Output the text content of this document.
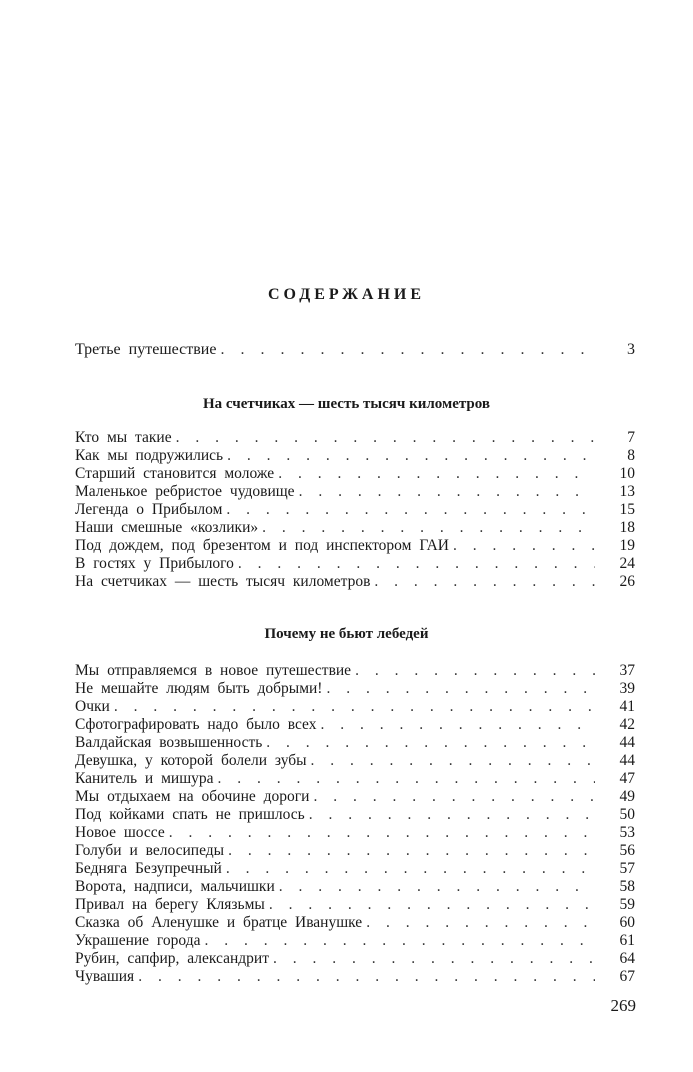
СОДЕРЖАНИЕ
Третье путешествие . . .	3
На счетчиках — шесть тысяч километров
Кто мы такие . . .	7
Как мы подружились . . .	8
Старший становится моложе . . .	10
Маленькое ребристое чудовище . . .	13
Легенда о Прибылом . . .	15
Наши смешные «козлики» . . .	18
Под дождем, под брезентом и под инспектором ГАИ . . .	19
В гостях у Прибылого . . .	24
На счетчиках — шесть тысяч километров . . .	26
Почему не бьют лебедей
Мы отправляемся в новое путешествие . . .	37
Не мешайте людям быть добрыми! . . .	39
Очки . . .	41
Сфотографировать надо было всех . . .	42
Валдайская возвышенность . . .	44
Девушка, у которой болели зубы . . .	44
Канитель и мишура . . .	47
Мы отдыхаем на обочине дороги . . .	49
Под койками спать не пришлось . . .	50
Новое шоссе . . .	53
Голуби и велосипеды . . .	56
Бедняга Безупречный . . .	57
Ворота, надписи, мальчишки . . .	58
Привал на берегу Клязьмы . . .	59
Сказка об Аленушке и братце Иванушке . . .	60
Украшение города . . .	61
Рубин, сапфир, александрит . . .	64
Чувашия . . .	67
269
